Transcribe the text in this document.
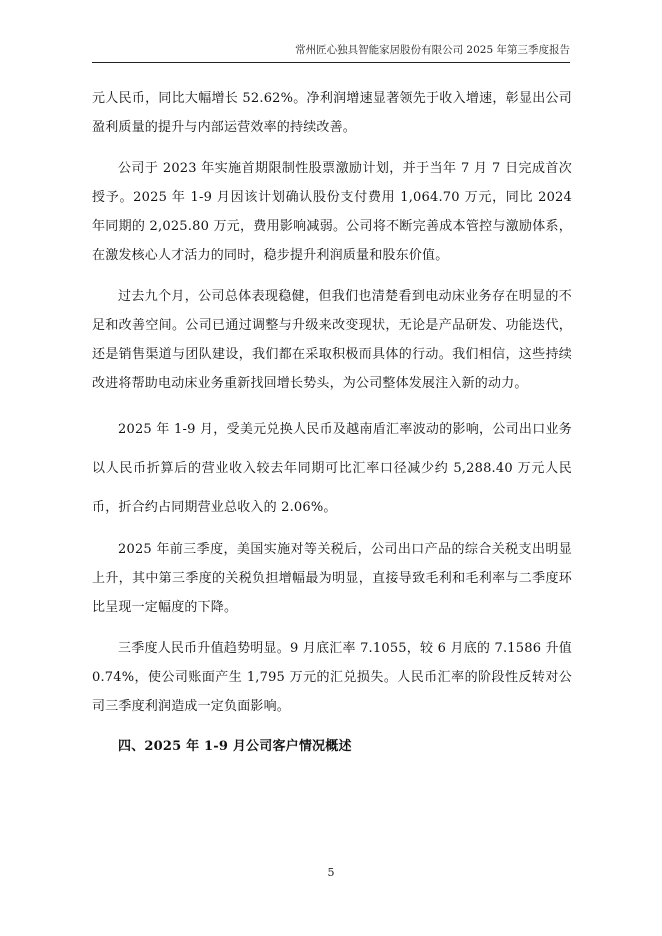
常州匠心独具智能家居股份有限公司 2025 年第三季度报告

元人民币，同比大幅增长 52.62%。净利润增速显著领先于收入增速，彰显出公司盈利质量的提升与内部运营效率的持续改善。

公司于 2023 年实施首期限制性股票激励计划，并于当年 7 月 7 日完成首次授予。2025 年 1-9 月因该计划确认股份支付费用 1,064.70 万元，同比 2024 年同期的 2,025.80 万元，费用影响减弱。公司将不断完善成本管控与激励体系，在激发核心人才活力的同时，稳步提升利润质量和股东价值。

过去九个月，公司总体表现稳健，但我们也清楚看到电动床业务存在明显的不足和改善空间。公司已通过调整与升级来改变现状，无论是产品研发、功能迭代，还是销售渠道与团队建设，我们都在采取积极而具体的行动。我们相信，这些持续改进将帮助电动床业务重新找回增长势头，为公司整体发展注入新的动力。

2025 年 1-9 月，受美元兑换人民币及越南盾汇率波动的影响，公司出口业务以人民币折算后的营业收入较去年同期可比汇率口径减少约 5,288.40 万元人民币，折合约占同期营业总收入的 2.06%。

2025 年前三季度，美国实施对等关税后，公司出口产品的综合关税支出明显上升，其中第三季度的关税负担增幅最为明显，直接导致毛利和毛利率与二季度环比呈现一定幅度的下降。

三季度人民币升值趋势明显。9 月底汇率 7.1055，较 6 月底的 7.1586 升值 0.74%，使公司账面产生 1,795 万元的汇兑损失。人民币汇率的阶段性反转对公司三季度利润造成一定负面影响。

四、2025 年 1-9 月公司客户情况概述

5
